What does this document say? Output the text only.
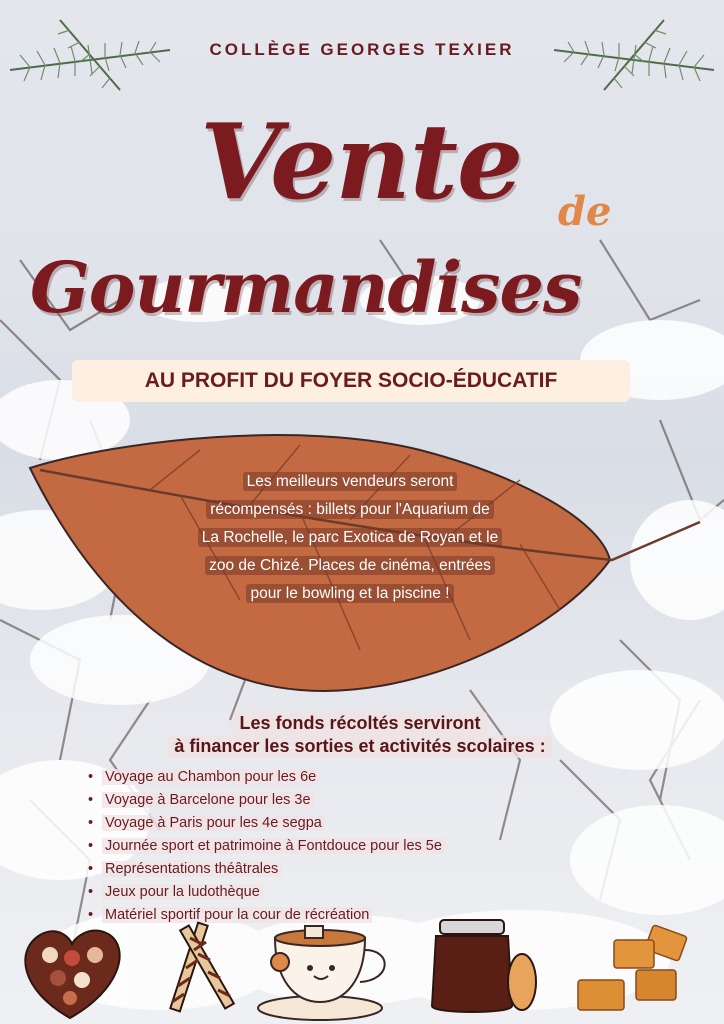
COLLÈGE GEORGES TEXIER
Vente de
Gourmandises
AU PROFIT DU FOYER SOCIO-ÉDUCATIF
Les meilleurs vendeurs seront
récompensés : billets pour l'Aquarium de
La Rochelle, le parc Exotica de Royan et le
zoo de Chizé. Places de cinéma, entrées
pour le bowling et la piscine !
Les fonds récoltés serviront
à financer les sorties et activités scolaires :
• Voyage au Chambon pour les 6e
• Voyage à Barcelone pour les 3e
• Voyage à Paris pour les 4e segpa
• Journée sport et patrimoine à Fontdouce pour les 5e
• Représentations théâtrales
• Jeux pour la ludothèque
• Matériel sportif pour la cour de récréation
